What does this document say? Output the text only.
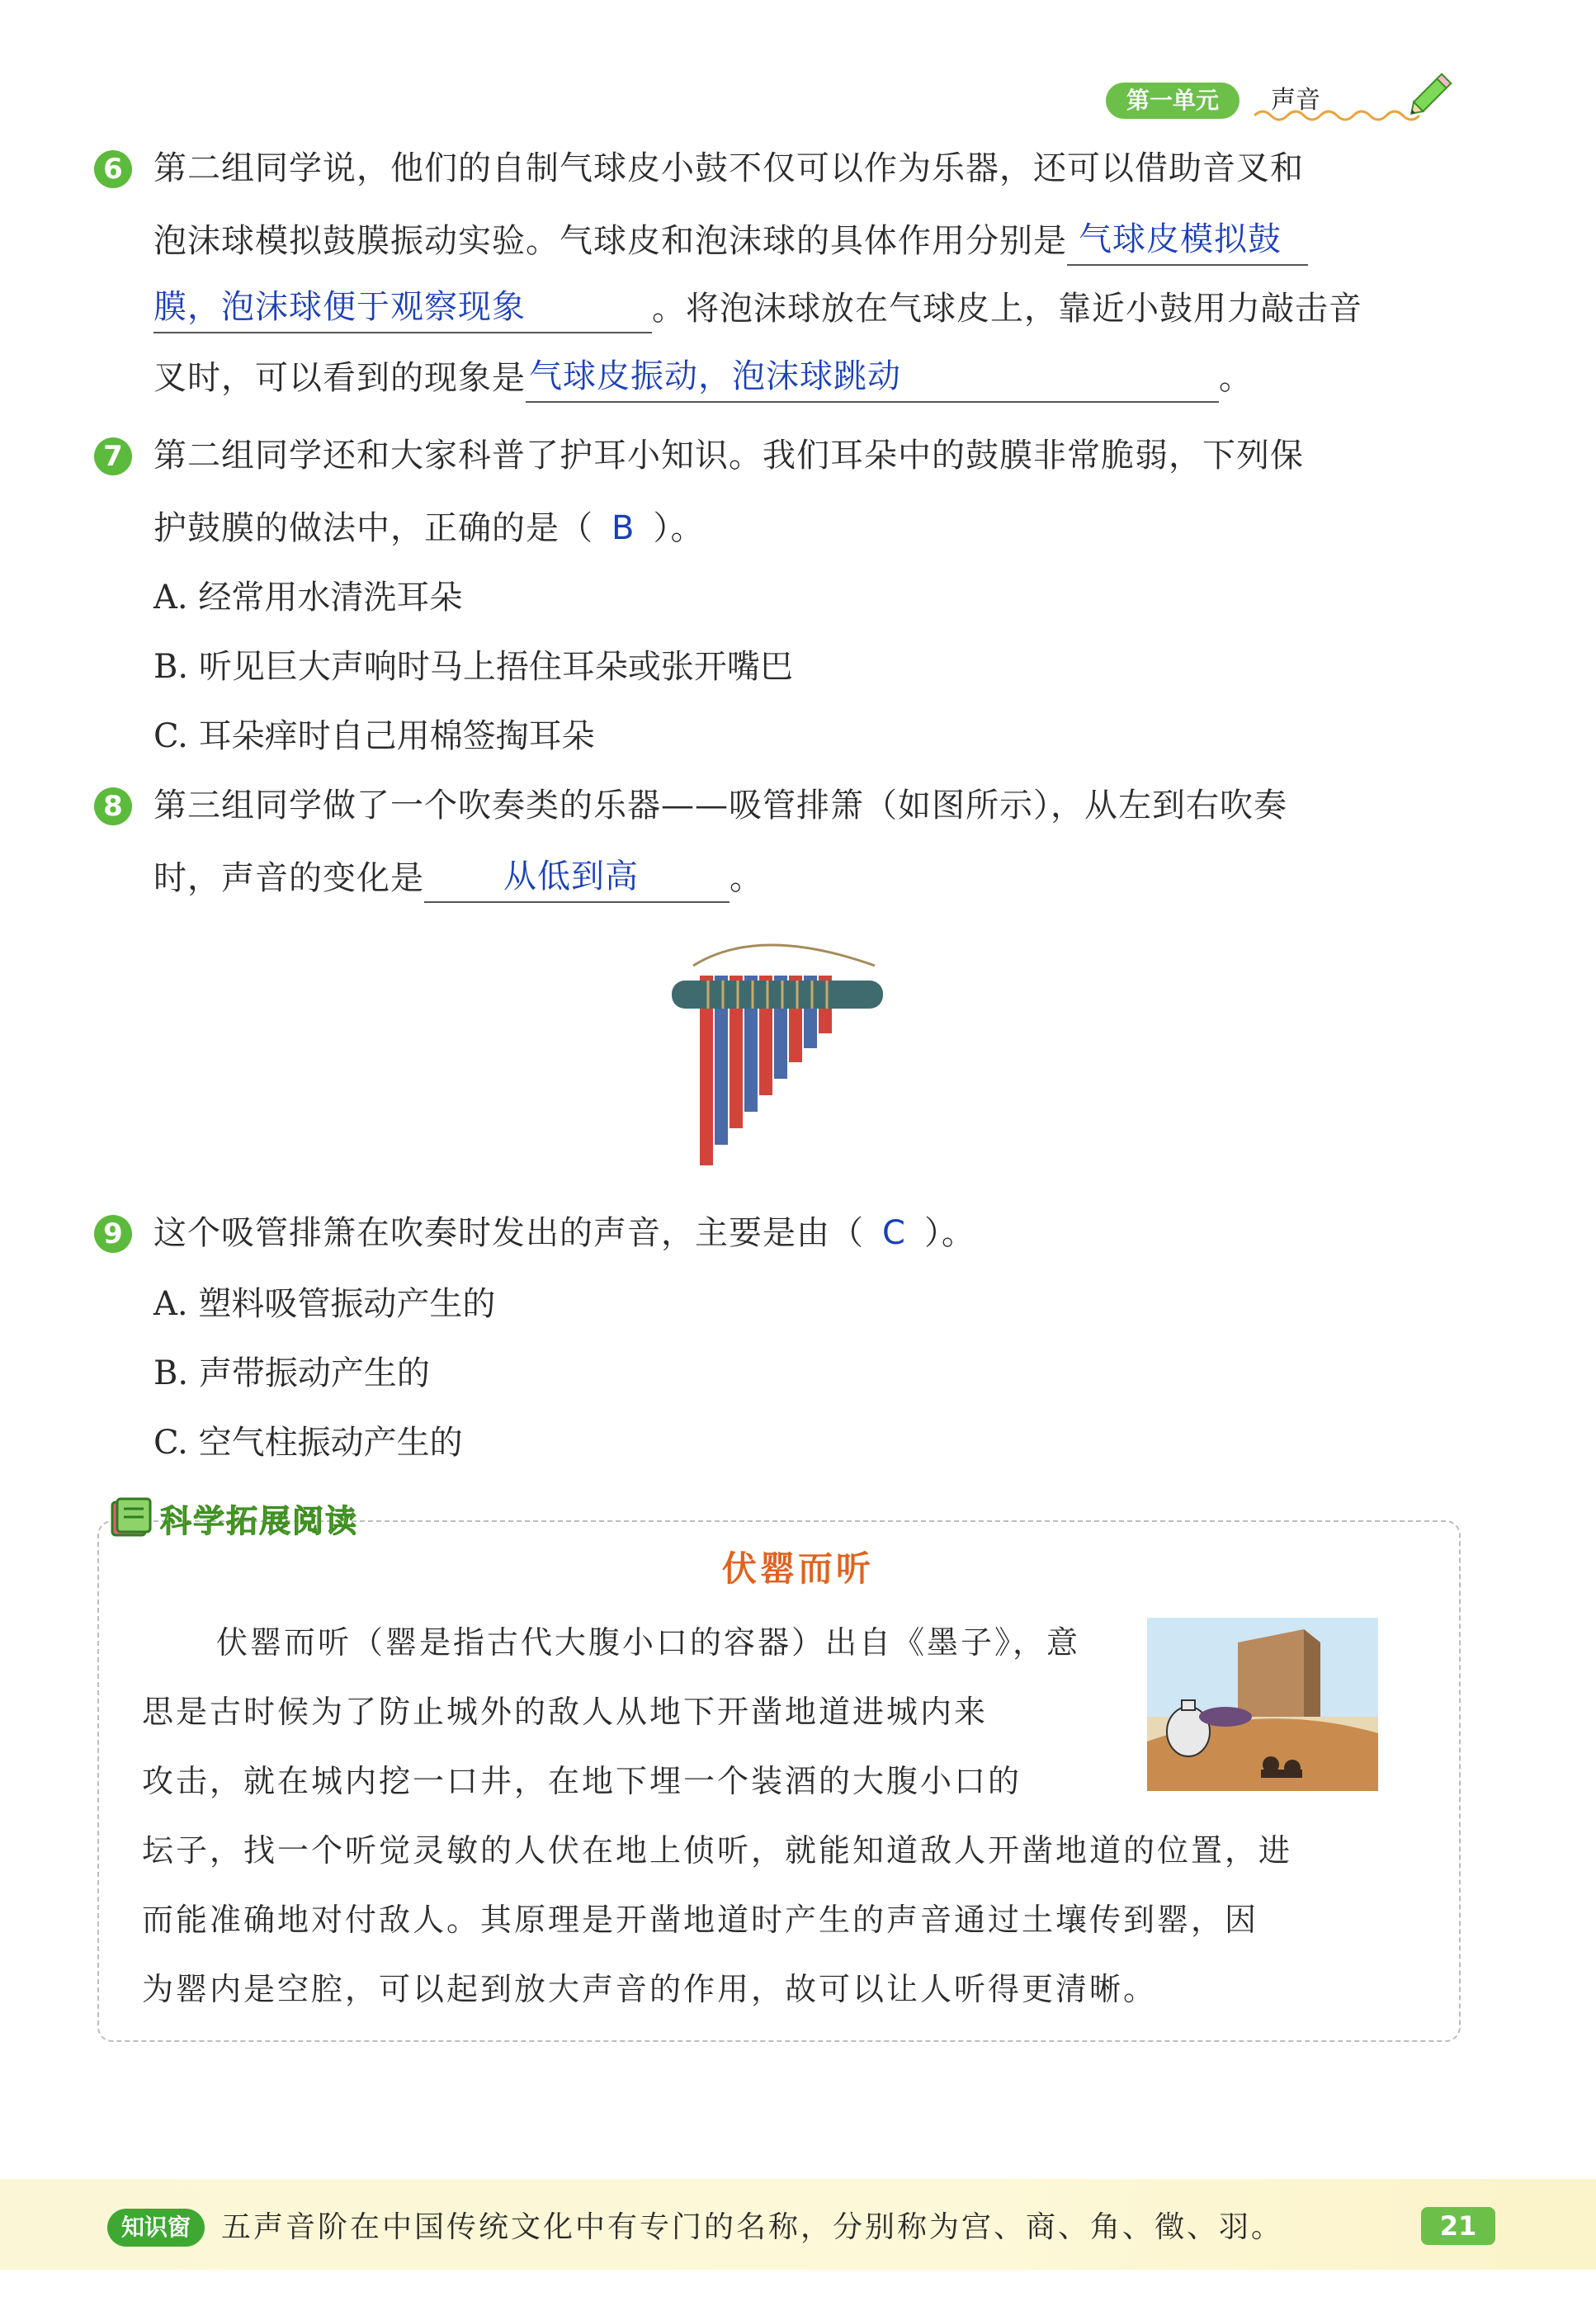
第一单元	声音
6 第二组同学说，他们的自制气球皮小鼓不仅可以作为乐器，还可以借助音叉和
泡沫球模拟鼓膜振动实验。气球皮和泡沫球的具体作用分别是 气球皮模拟鼓

膜，泡沫球便于观察现象	。将泡沫球放在气球皮上，靠近小鼓用力敲击音
叉时，可以看到的现象是 气球皮振动，泡沫球跳动	。
7 第二组同学还和大家科普了护耳小知识。我们耳朵中的鼓膜非常脆弱，下列保
护鼓膜的做法中，正确的是（ B ）。
A. 经常用水清洗耳朵
B. 听见巨大声响时马上捂住耳朵或张开嘴巴
C. 耳朵痒时自己用棉签掏耳朵
8 第三组同学做了一个吹奏类的乐器——吸管排箫（如图所示），从左到右吹奏
时，声音的变化是 从低到高	。
9 这个吸管排箫在吹奏时发出的声音，主要是由（ C ）。
A. 塑料吸管振动产生的
B. 声带振动产生的
C. 空气柱振动产生的
科学拓展阅读
伏罂而听
伏罂而听（罂是指古代大腹小口的容器）出自《墨子》，意
思是古时候为了防止城外的敌人从地下开凿地道进城内来
攻击，就在城内挖一口井，在地下埋一个装酒的大腹小口的
坛子，找一个听觉灵敏的人伏在地上侦听，就能知道敌人开凿地道的位置，进
而能准确地对付敌人。其原理是开凿地道时产生的声音通过土壤传到罂，因
为罂内是空腔，可以起到放大声音的作用，故可以让人听得更清晰。
知识窗	五声音阶在中国传统文化中有专门的名称，分别称为宫、商、角、徵、羽。	21
